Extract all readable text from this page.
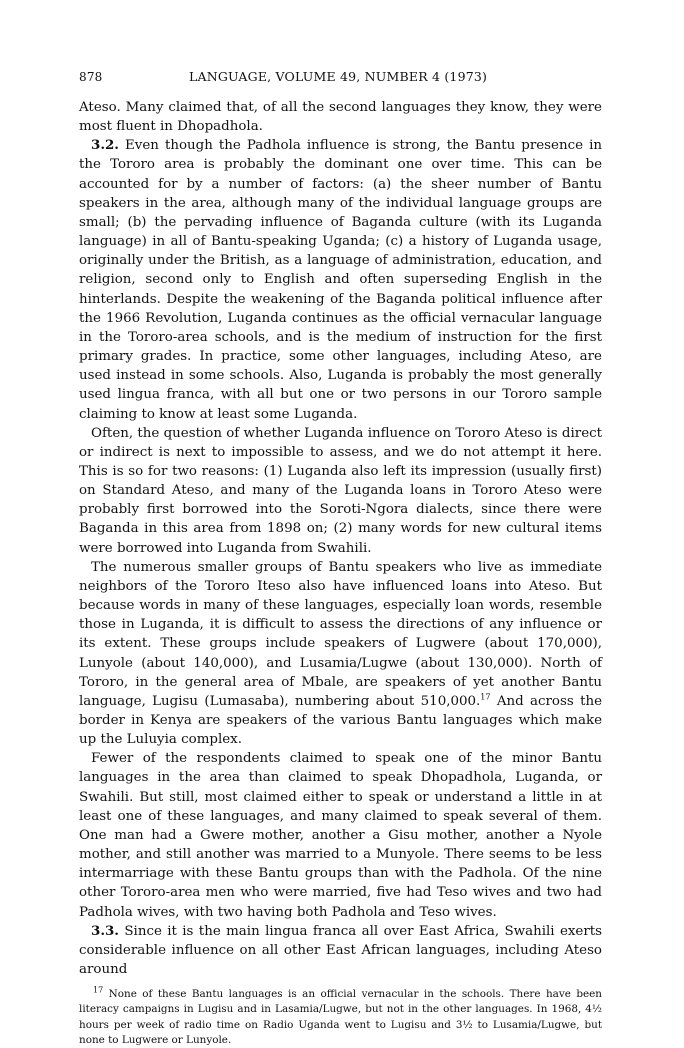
878	LANGUAGE, VOLUME 49, NUMBER 4 (1973)

Ateso. Many claimed that, of all the second languages they know, they were most fluent in Dhopadhola.

3.2. Even though the Padhola influence is strong, the Bantu presence in the Tororo area is probably the dominant one over time. This can be accounted for by a number of factors: (a) the sheer number of Bantu speakers in the area, although many of the individual language groups are small; (b) the pervading influence of Baganda culture (with its Luganda language) in all of Bantu-speaking Uganda; (c) a history of Luganda usage, originally under the British, as a language of administration, education, and religion, second only to English and often superseding English in the hinterlands. Despite the weakening of the Baganda political influence after the 1966 Revolution, Luganda continues as the official vernacular language in the Tororo-area schools, and is the medium of instruction for the first primary grades. In practice, some other languages, including Ateso, are used instead in some schools. Also, Luganda is probably the most generally used lingua franca, with all but one or two persons in our Tororo sample claiming to know at least some Luganda.

Often, the question of whether Luganda influence on Tororo Ateso is direct or indirect is next to impossible to assess, and we do not attempt it here. This is so for two reasons: (1) Luganda also left its impression (usually first) on Standard Ateso, and many of the Luganda loans in Tororo Ateso were probably first borrowed into the Soroti-Ngora dialects, since there were Baganda in this area from 1898 on; (2) many words for new cultural items were borrowed into Luganda from Swahili.

The numerous smaller groups of Bantu speakers who live as immediate neighbors of the Tororo Iteso also have influenced loans into Ateso. But because words in many of these languages, especially loan words, resemble those in Luganda, it is difficult to assess the directions of any influence or its extent. These groups include speakers of Lugwere (about 170,000), Lunyole (about 140,000), and Lusamia/Lugwe (about 130,000). North of Tororo, in the general area of Mbale, are speakers of yet another Bantu language, Lugisu (Lumasaba), numbering about 510,000.17 And across the border in Kenya are speakers of the various Bantu languages which make up the Luluyia complex.

Fewer of the respondents claimed to speak one of the minor Bantu languages in the area than claimed to speak Dhopadhola, Luganda, or Swahili. But still, most claimed either to speak or understand a little in at least one of these languages, and many claimed to speak several of them. One man had a Gwere mother, another a Gisu mother, another a Nyole mother, and still another was married to a Munyole. There seems to be less intermarriage with these Bantu groups than with the Padhola. Of the nine other Tororo-area men who were married, five had Teso wives and two had Padhola wives, with two having both Padhola and Teso wives.

3.3. Since it is the main lingua franca all over East Africa, Swahili exerts considerable influence on all other East African languages, including Ateso around

$^{17}$ None of these Bantu languages is an official vernacular in the schools. There have been literacy campaigns in Lugisu and in Lasamia/Lugwe, but not in the other languages. In 1968, 4½ hours per week of radio time on Radio Uganda went to Lugisu and 3½ to Lusamia/Lugwe, but none to Lugwere or Lunyole.
